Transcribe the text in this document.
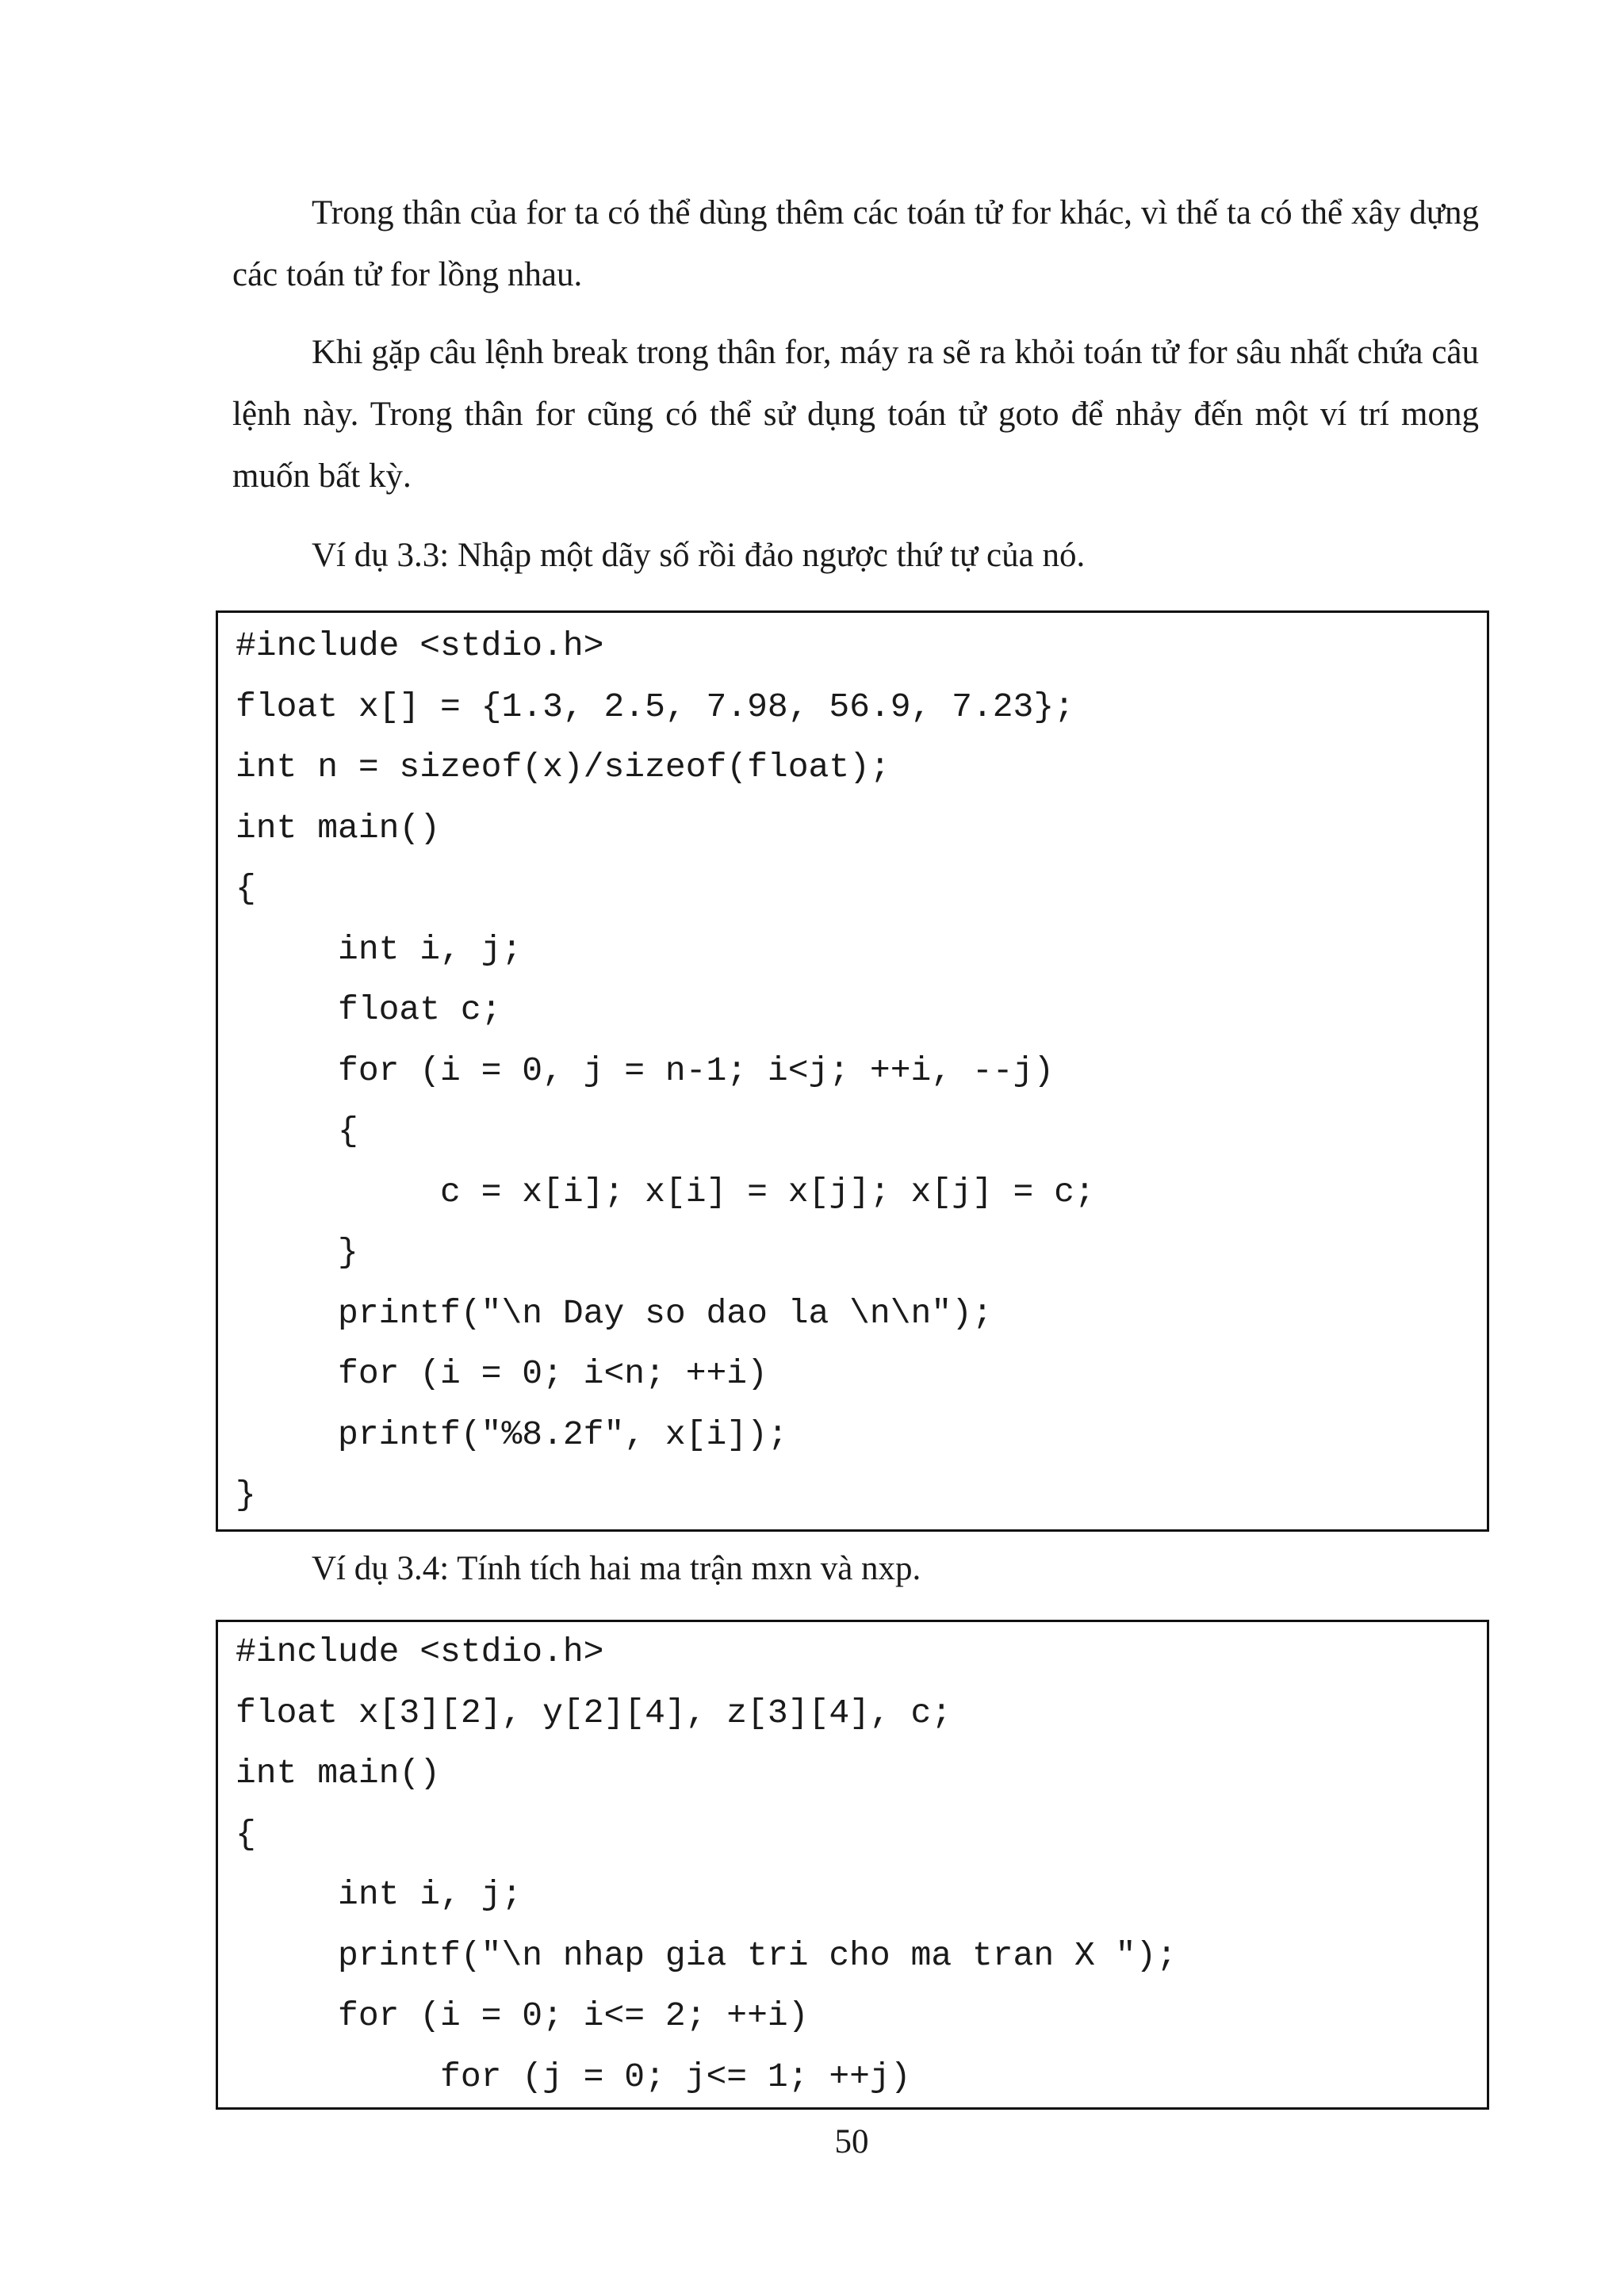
Trong thân của for ta có thể dùng thêm các toán tử for khác, vì thế ta có thể xây dựng các toán tử for lồng nhau.

Khi gặp câu lệnh break trong thân for, máy ra sẽ ra khỏi toán tử for sâu nhất chứa câu lệnh này. Trong thân for cũng có thể sử dụng toán tử goto để nhảy đến một ví trí mong muốn bất kỳ.

Ví dụ 3.3: Nhập một dãy số rồi đảo ngược thứ tự của nó.

#include <stdio.h>
float x[] = {1.3, 2.5, 7.98, 56.9, 7.23};
int n = sizeof(x)/sizeof(float);
int main()
{
int i, j;
float c;
for (i = 0, j = n-1; i<j; ++i, --j)
{
c = x[i]; x[i] = x[j]; x[j] = c;
}
printf("\n Day so dao la \n\n");
for (i = 0; i<n; ++i)
printf("%8.2f", x[i]);
}

Ví dụ 3.4: Tính tích hai ma trận mxn và nxp.

#include <stdio.h>
float x[3][2], y[2][4], z[3][4], c;
int main()
{
int i, j;
printf("\n nhap gia tri cho ma tran X ");
for (i = 0; i<= 2; ++i)
for (j = 0; j<= 1; ++j)
50
